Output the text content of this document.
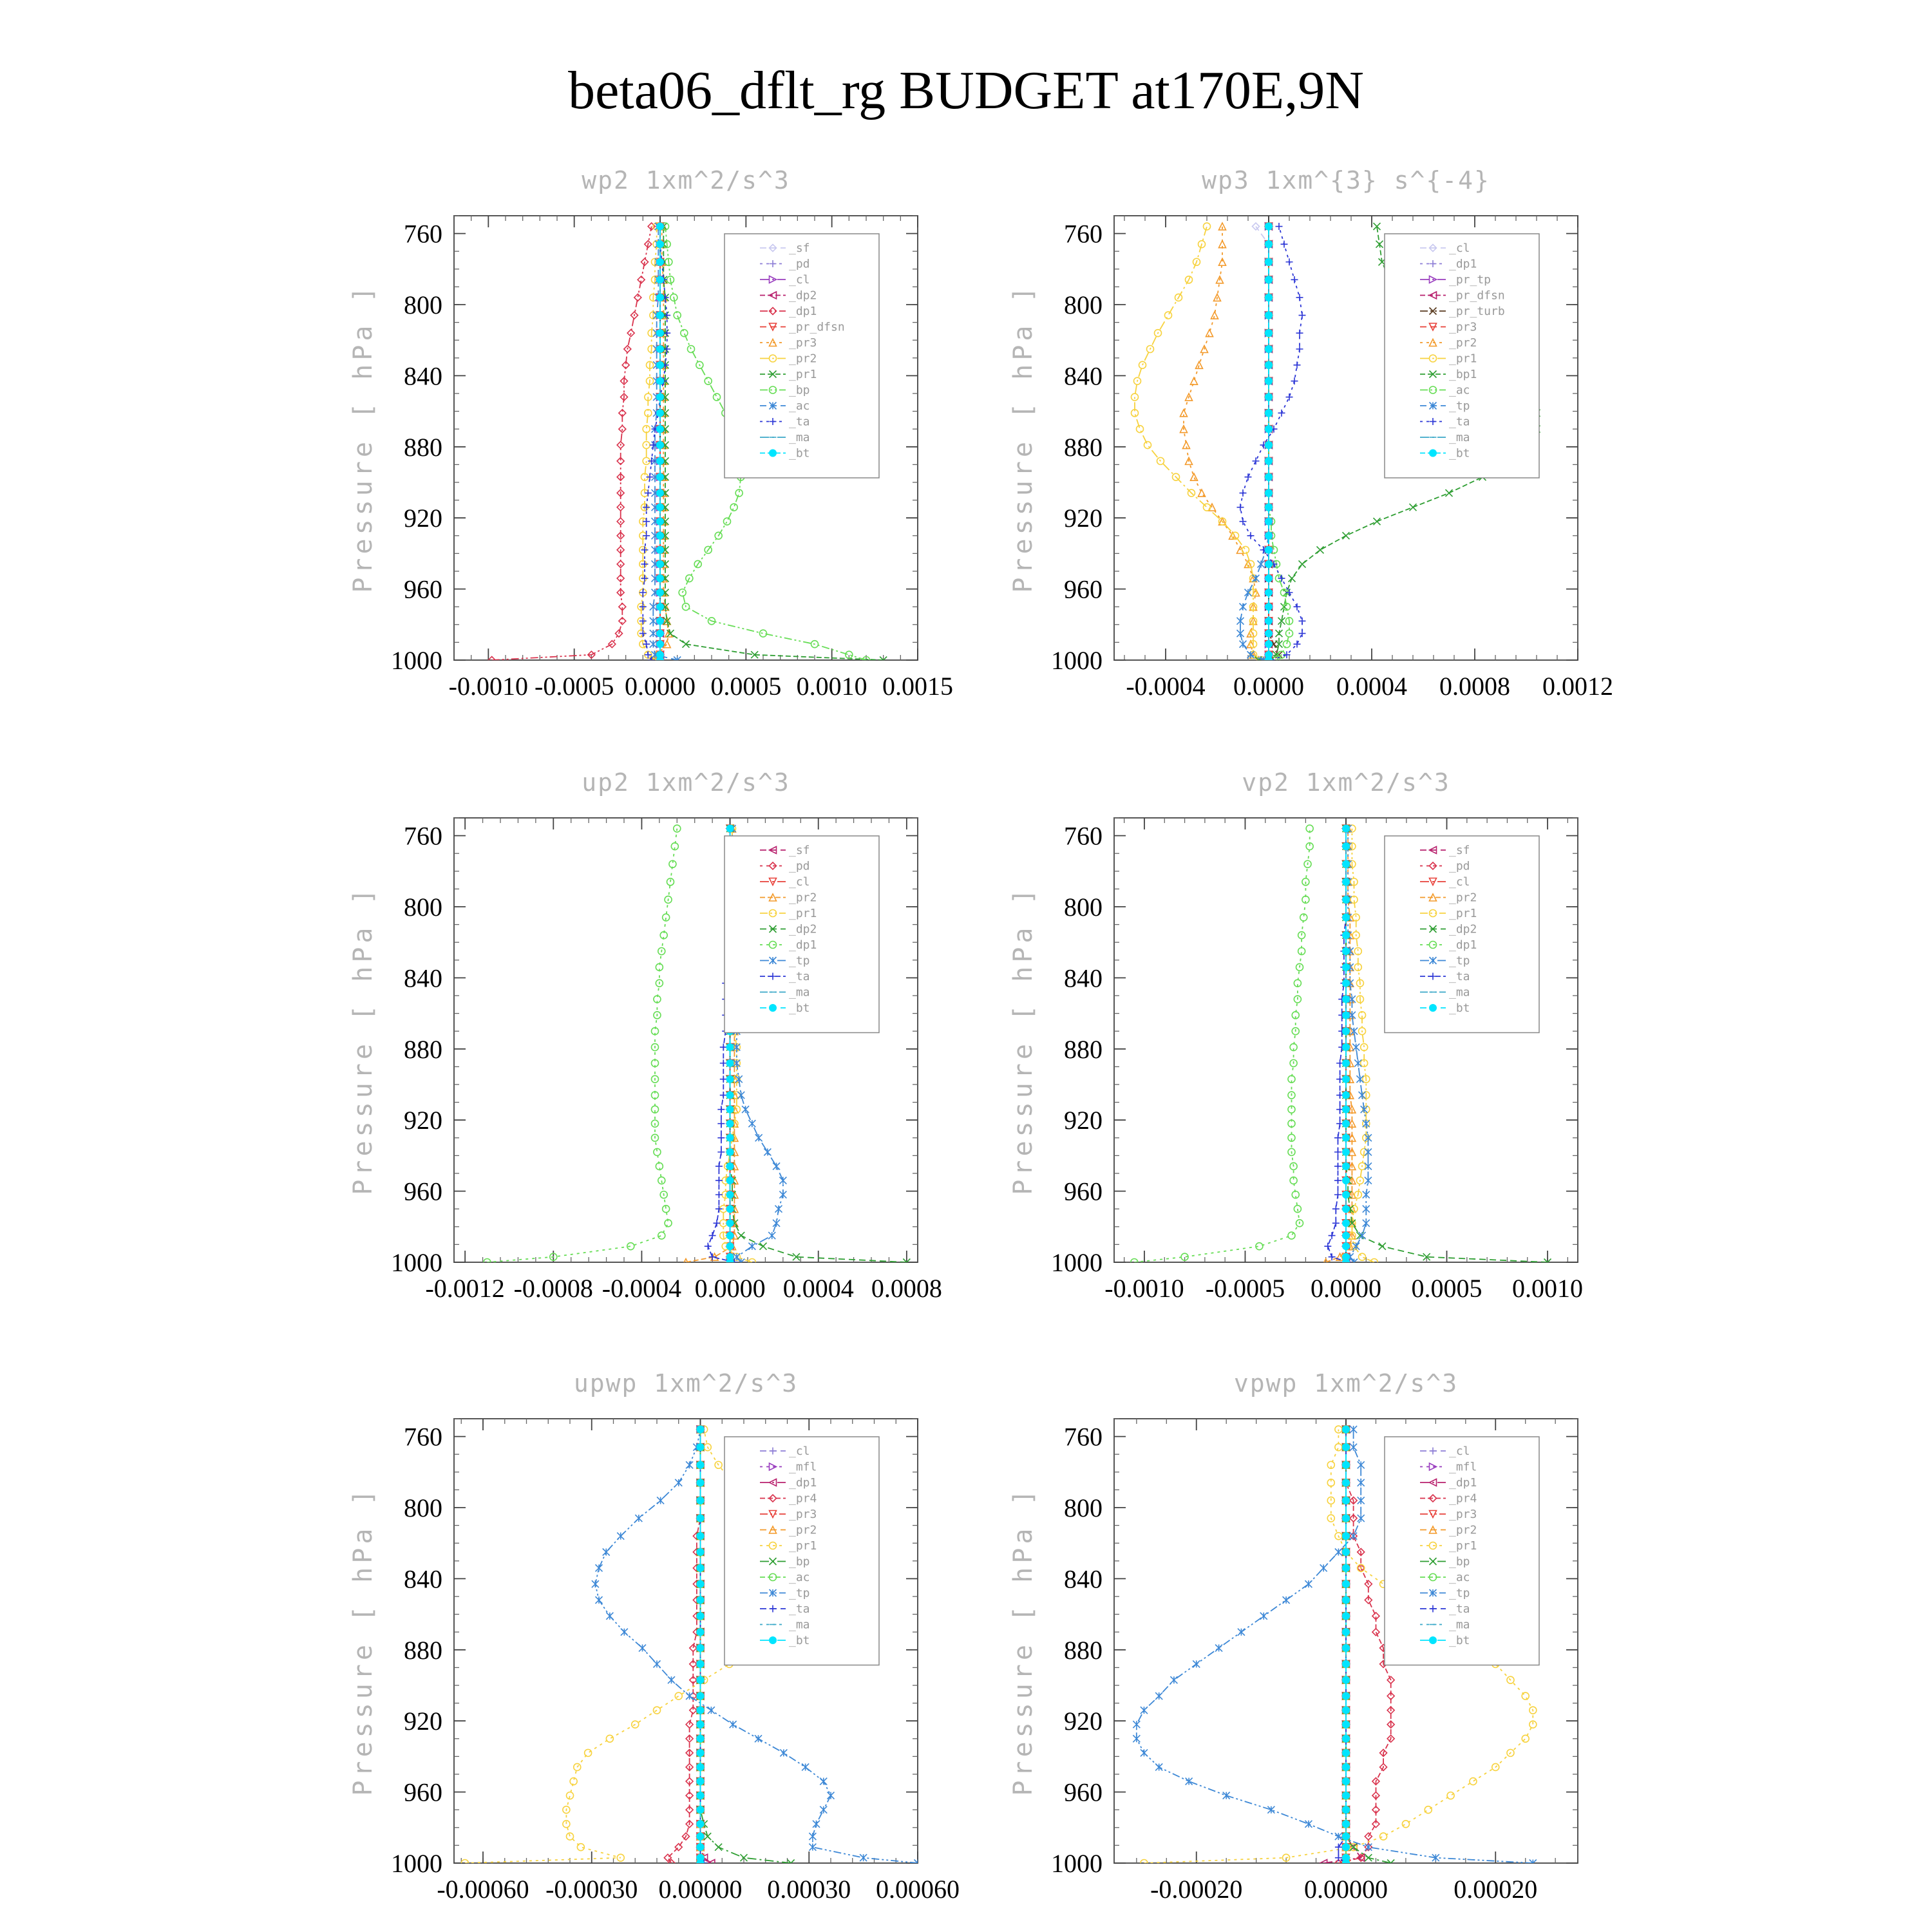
beta06_dflt_rg BUDGET at170E,9N
wp2 1xm^2/s^3
Pressure [ hPa ]
-0.0010 -0.0005 0.0000 0.0005 0.0010 0.0015
760
800
840
880
920
960
1000
_sf
_pd
_cl
_dp2
_dp1
_pr_dfsn
_pr3
_pr2
_pr1
_bp
_ac
_ta
_ma
_bt
wp3 1xm^{3} s^{-4}
Pressure [ hPa ]
-0.0004 0.0000 0.0004 0.0008 0.0012
760
800
840
880
920
960
1000
_cl
_dp1
_pr_tp
_pr_dfsn
_pr_turb
_pr3
_pr2
_pr1
_bp1
_ac
_tp
_ta
_ma
_bt
up2 1xm^2/s^3
Pressure [ hPa ]
-0.0012 -0.0008 -0.0004 0.0000 0.0004 0.0008
760
800
840
880
920
960
1000
_sf
_pd
_cl
_pr2
_pr1
_dp2
_dp1
_tp
_ta
_ma
_bt
vp2 1xm^2/s^3
Pressure [ hPa ]
-0.0010 -0.0005 0.0000 0.0005 0.0010
760
800
840
880
920
960
1000
_sf
_pd
_cl
_pr2
_pr1
_dp2
_dp1
_tp
_ta
_ma
_bt
upwp 1xm^2/s^3
Pressure [ hPa ]
-0.00060 -0.00030 0.00000 0.00030 0.00060
760
800
840
880
920
960
1000
_cl
_mfl
_dp1
_pr4
_pr3
_pr2
_pr1
_bp
_ac
_tp
_ta
_ma
_bt
vpwp 1xm^2/s^3
Pressure [ hPa ]
-0.00020 0.00000	0.00020
760
800
840
880
920
960
1000
_cl
_mfl
_dp1
_pr4
_pr3
_pr2
_pr1
_bp
_ac
_tp
_ta
_ma
_bt
